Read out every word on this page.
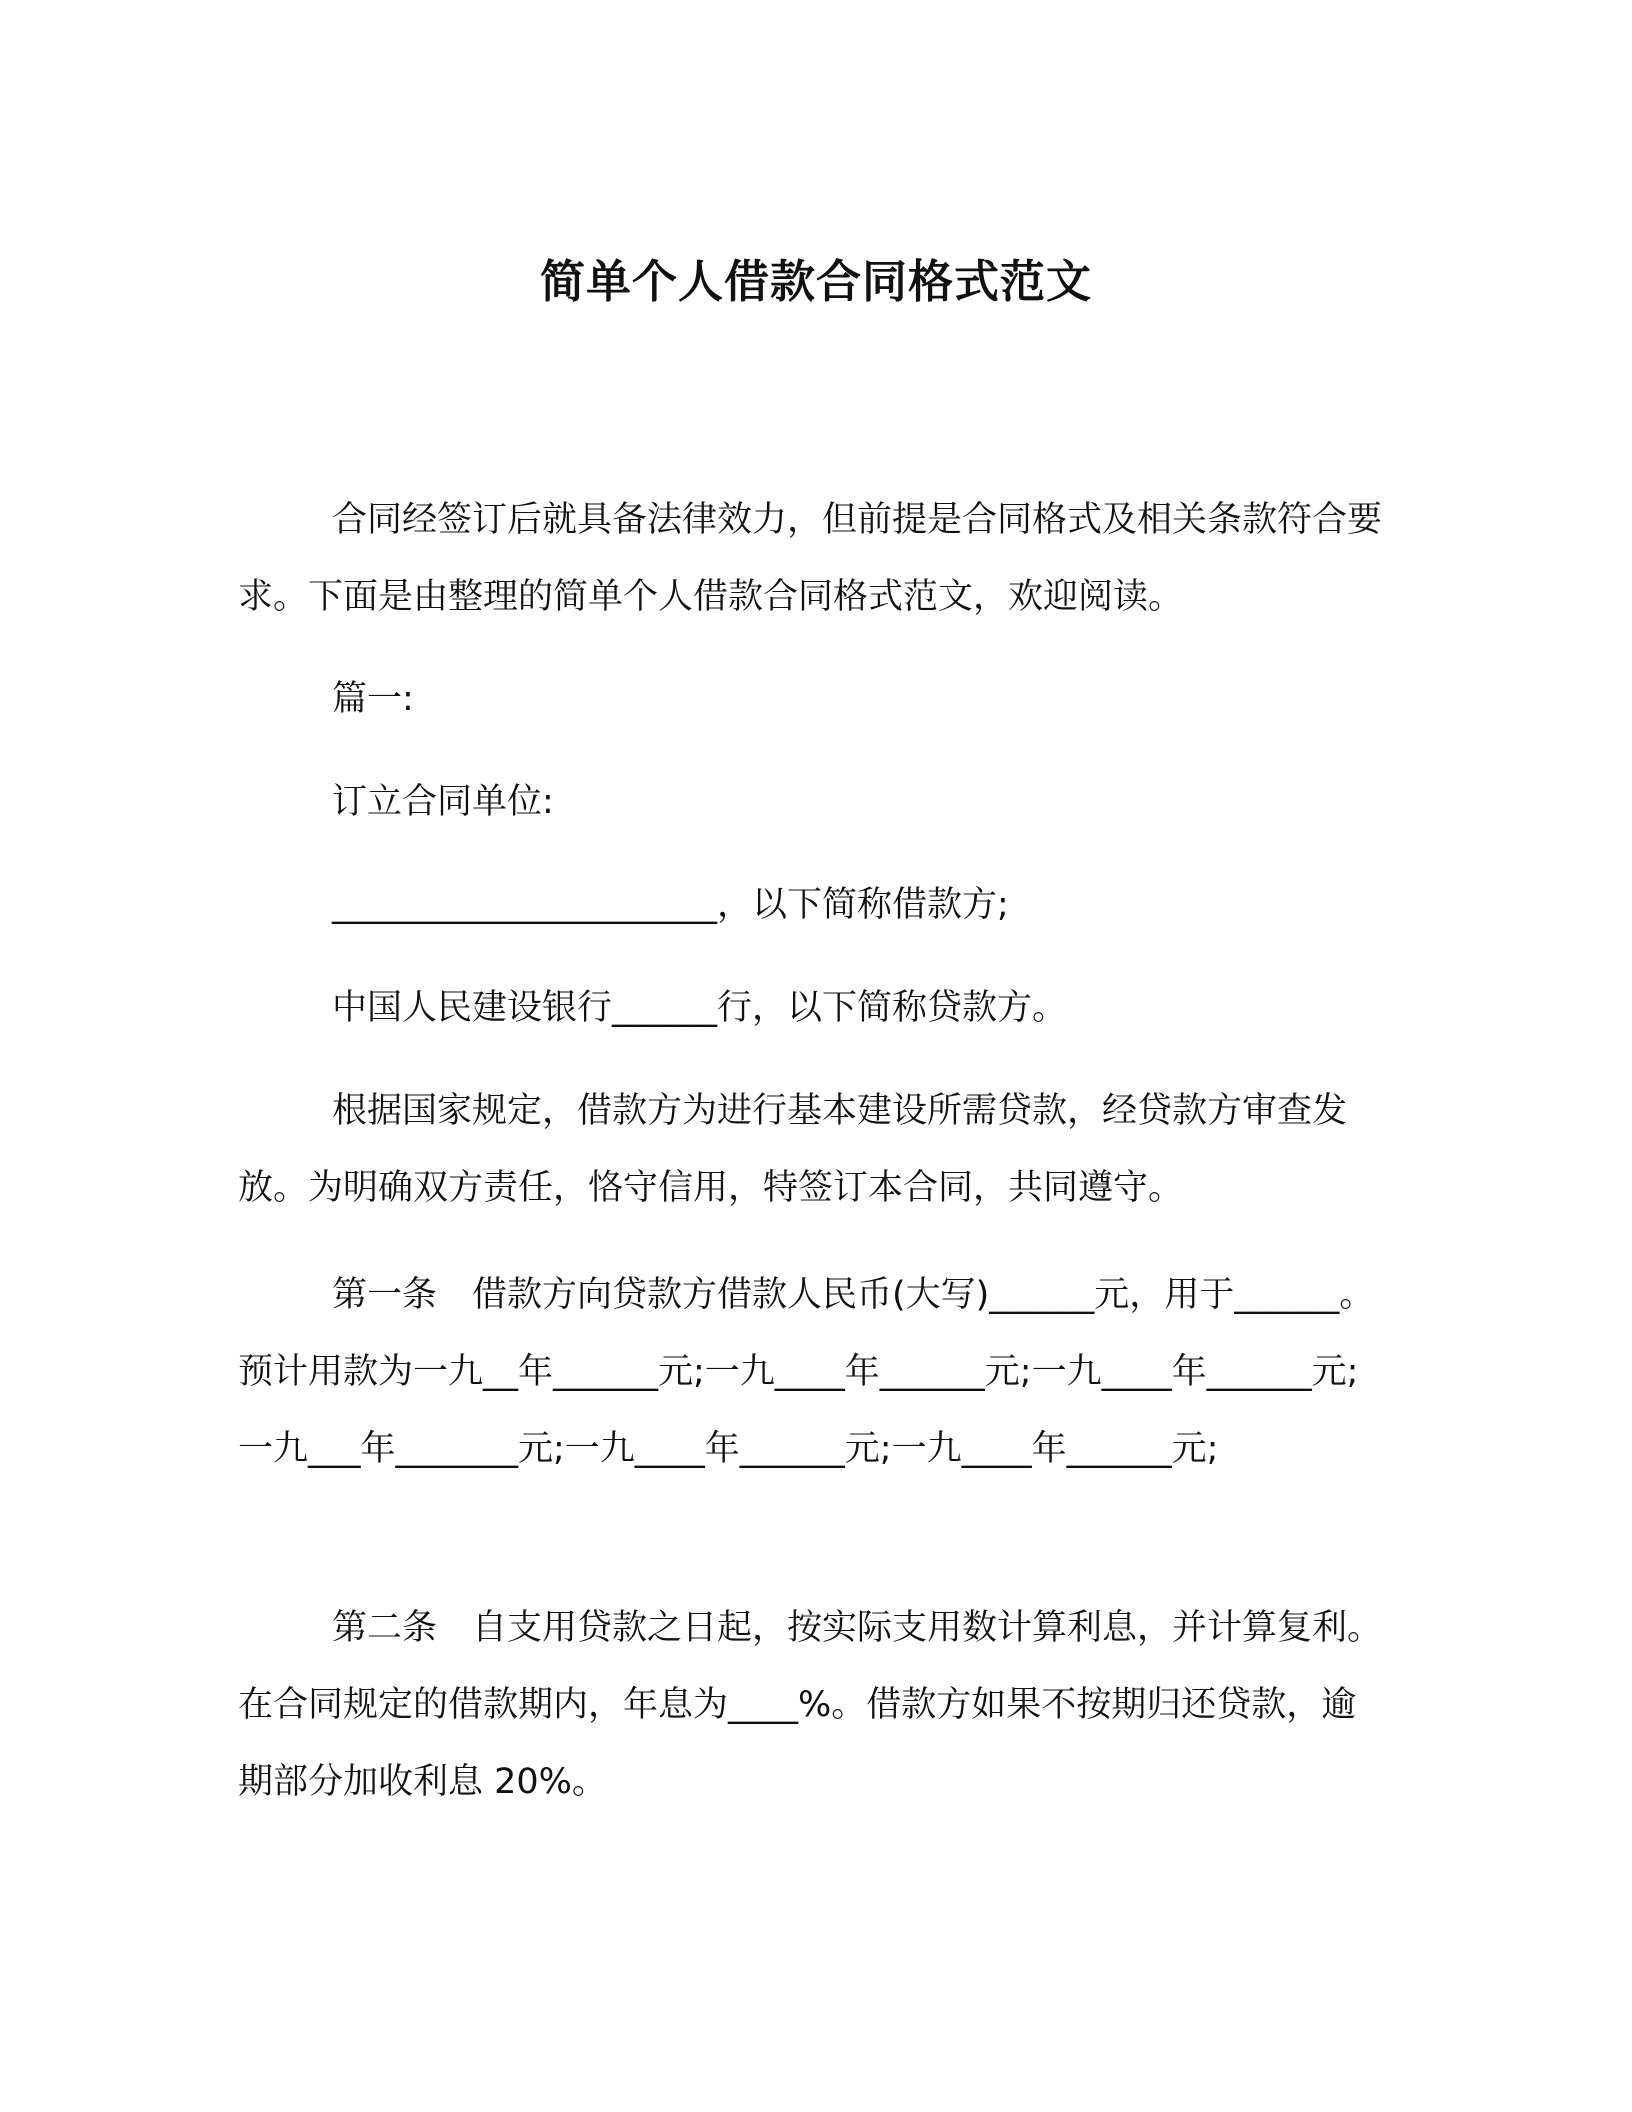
简单个人借款合同格式范文

合同经签订后就具备法律效力，但前提是合同格式及相关条款符合要求。下面是由整理的简单个人借款合同格式范文，欢迎阅读。

篇一:

订立合同单位:

______________________，以下简称借款方;

中国人民建设银行______行，以下简称贷款方。

根据国家规定，借款方为进行基本建设所需贷款，经贷款方审查发放。为明确双方责任，恪守信用，特签订本合同，共同遵守。

第一条　借款方向贷款方借款人民币(大写)______元，用于______。预计用款为一九__年______元;一九____年______元;一九____年______元;一九___年_______元;一九____年______元;一九____年______元;

第二条　自支用贷款之日起，按实际支用数计算利息，并计算复利。在合同规定的借款期内，年息为____%。借款方如果不按期归还贷款，逾期部分加收利息 20%。
